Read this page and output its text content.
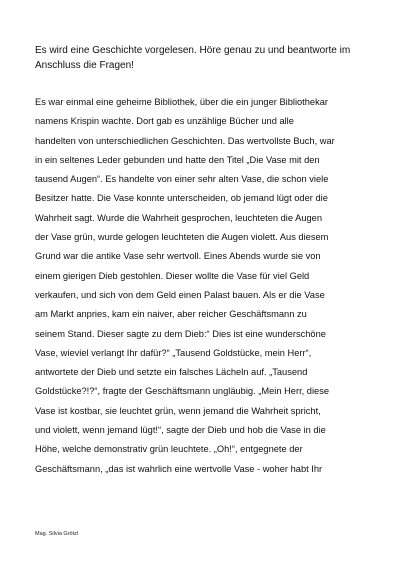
Es wird eine Geschichte vorgelesen. Höre genau zu und beantworte im
Anschluss die Fragen!

Es war einmal eine geheime Bibliothek, über die ein junger Bibliothekar
namens Krispin wachte. Dort gab es unzählige Bücher und alle
handelten von unterschiedlichen Geschichten. Das wertvollste Buch, war
in ein seltenes Leder gebunden und hatte den Titel „Die Vase mit den
tausend Augen“. Es handelte von einer sehr alten Vase, die schon viele
Besitzer hatte. Die Vase konnte unterscheiden, ob jemand lügt oder die
Wahrheit sagt. Wurde die Wahrheit gesprochen, leuchteten die Augen
der Vase grün, wurde gelogen leuchteten die Augen violett. Aus diesem
Grund war die antike Vase sehr wertvoll. Eines Abends wurde sie von
einem gierigen Dieb gestohlen. Dieser wollte die Vase für viel Geld
verkaufen, und sich von dem Geld einen Palast bauen. Als er die Vase
am Markt anpries, kam ein naiver, aber reicher Geschäftsmann zu
seinem Stand. Dieser sagte zu dem Dieb:“ Dies ist eine wunderschöne
Vase, wieviel verlangt Ihr dafür?“ „Tausend Goldstücke, mein Herr“,
antwortete der Dieb und setzte ein falsches Lächeln auf. „Tausend
Goldstücke?!?“, fragte der Geschäftsmann ungläubig. „Mein Herr, diese
Vase ist kostbar, sie leuchtet grün, wenn jemand die Wahrheit spricht,
und violett, wenn jemand lügt!“, sagte der Dieb und hob die Vase in die
Höhe, welche demonstrativ grün leuchtete. „Oh!“, entgegnete der
Geschäftsmann, „das ist wahrlich eine wertvolle Vase - woher habt Ihr

Mag. Silvia Grötzl
